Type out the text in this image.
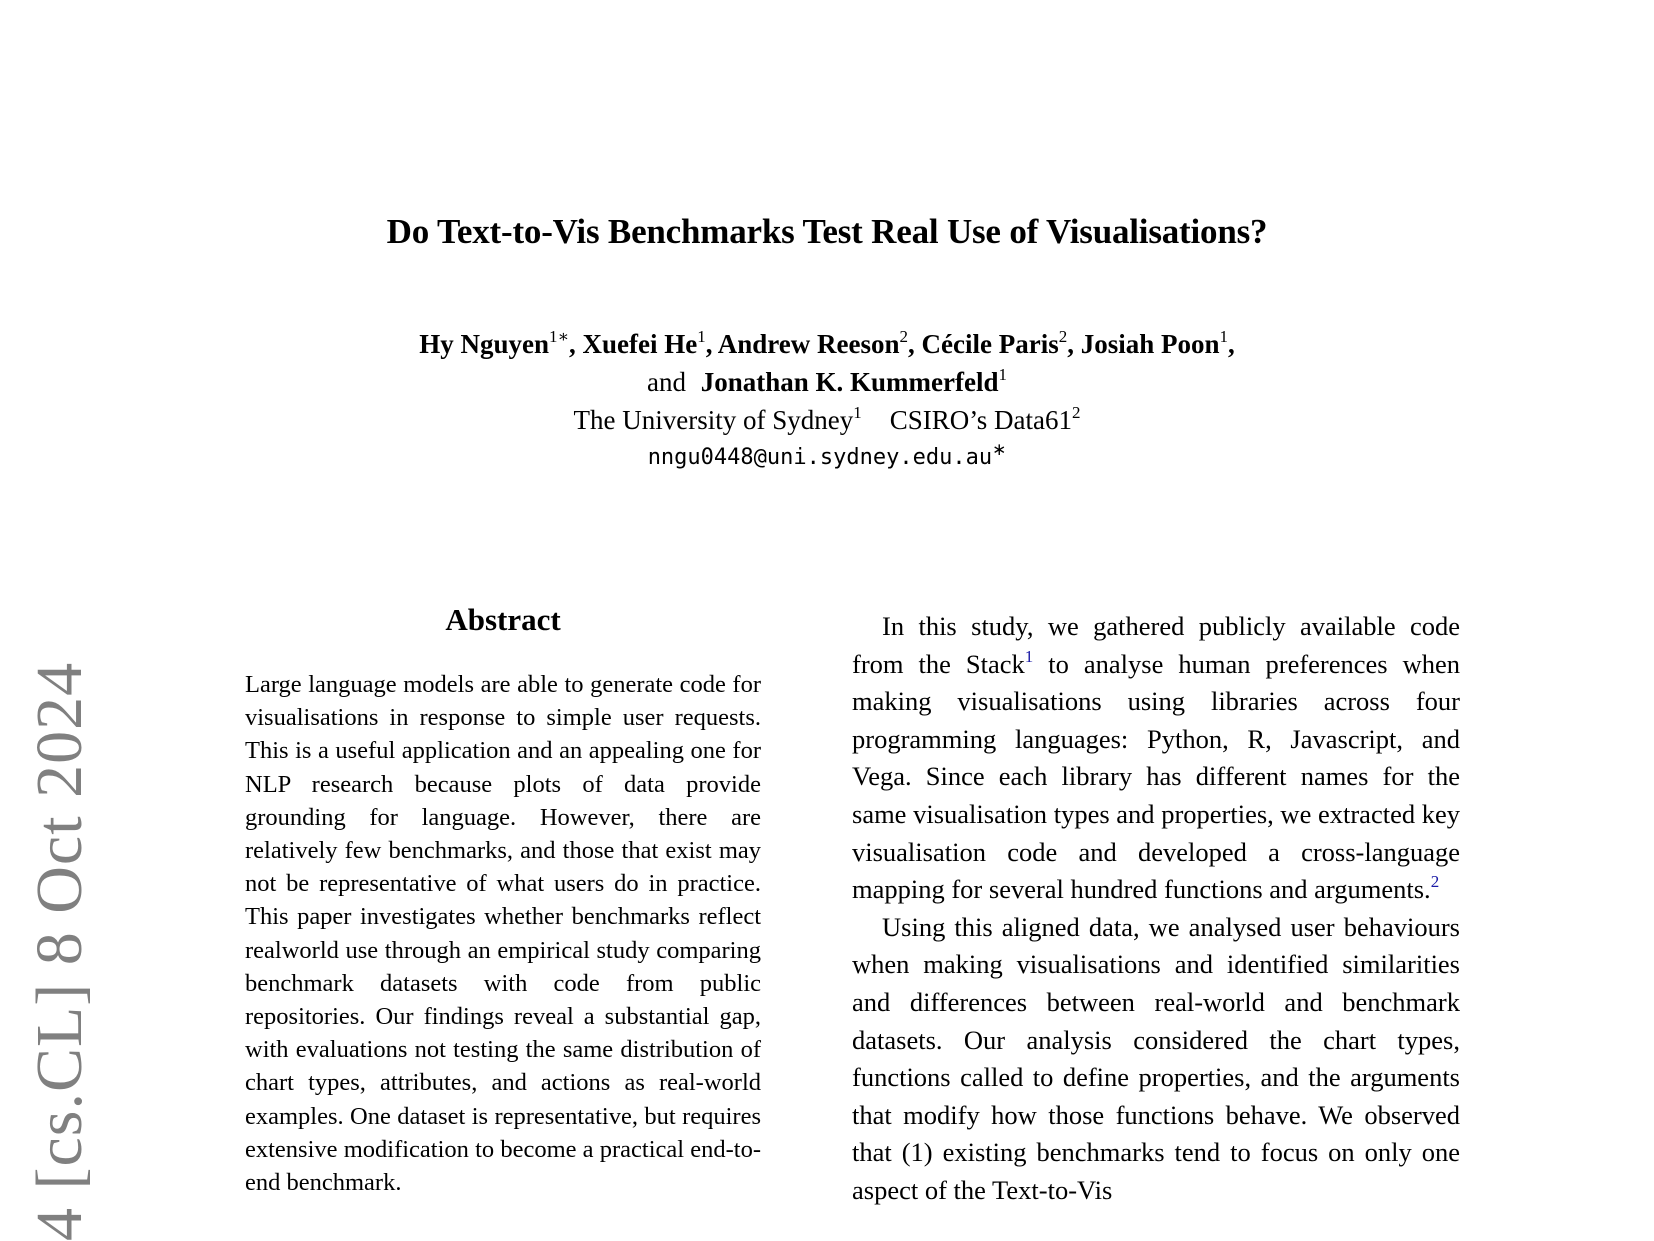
4 [cs.CL] 8 Oct 2024
Do Text-to-Vis Benchmarks Test Real Use of Visualisations?
Hy Nguyen$^{1∗}$, Xuefei He$^1$, Andrew Reeson$^2$, Cécile Paris$^2$, Josiah Poon$^1$,
and Jonathan K. Kummerfeld$^1$
The University of Sydney$^1$ CSIRO’s $Data61^2$
nngu0448@uni.sydney.edu.au∗
Abstract

Large language models are able to generate code for visualisations in response to simple user requests. This is a useful application and an appealing one for NLP research because plots of data provide grounding for language. However, there are relatively few benchmarks, and those that exist may not be representative of what users do in practice. This paper investigates whether benchmarks reflect realworld use through an empirical study comparing benchmark datasets with code from public repositories. Our findings reveal a substantial gap, with evaluations not testing the same distribution of chart types, attributes, and actions as real-world examples. One dataset is representative, but requires extensive modification to become a practical end-to-end benchmark.

In this study, we gathered publicly available code from the Stack$^1$ to analyse human preferences when making visualisations using libraries across four programming languages: Python, R, Javascript, and Vega. Since each library has different names for the same visualisation types and properties, we extracted key visualisation code and developed a cross-language mapping for several hundred functions and arguments.$^2$

Using this aligned data, we analysed user behaviours when making visualisations and identified similarities and differences between real-world and benchmark datasets. Our analysis considered the chart types, functions called to define properties, and the arguments that modify how those functions behave. We observed that (1) existing benchmarks tend to focus on only one aspect of the Text-to-Vis
